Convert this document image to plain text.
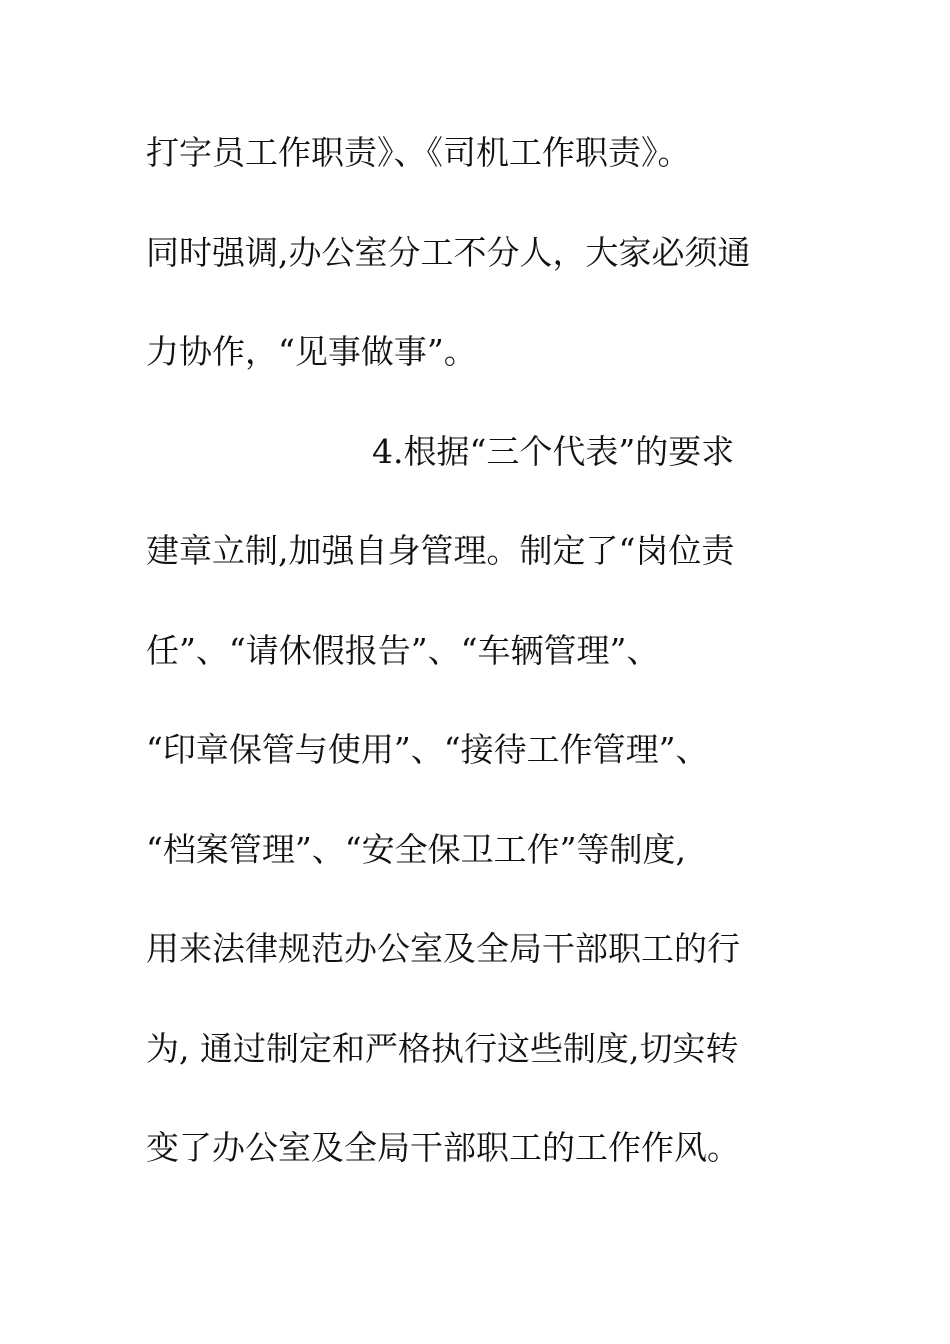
打字员工作职责》、《司机工作职责》。
同时强调,办公室分工不分人，大家必须通
力协作，“见事做事”。
4.根据“三个代表”的要求
建章立制,加强自身管理。制定了“岗位责
任”、“请休假报告”、“车辆管理”、
“印章保管与使用”、“接待工作管理”、
“档案管理”、“安全保卫工作”等制度,
用来法律规范办公室及全局干部职工的行
为, 通过制定和严格执行这些制度,切实转
变了办公室及全局干部职工的工作作风。
